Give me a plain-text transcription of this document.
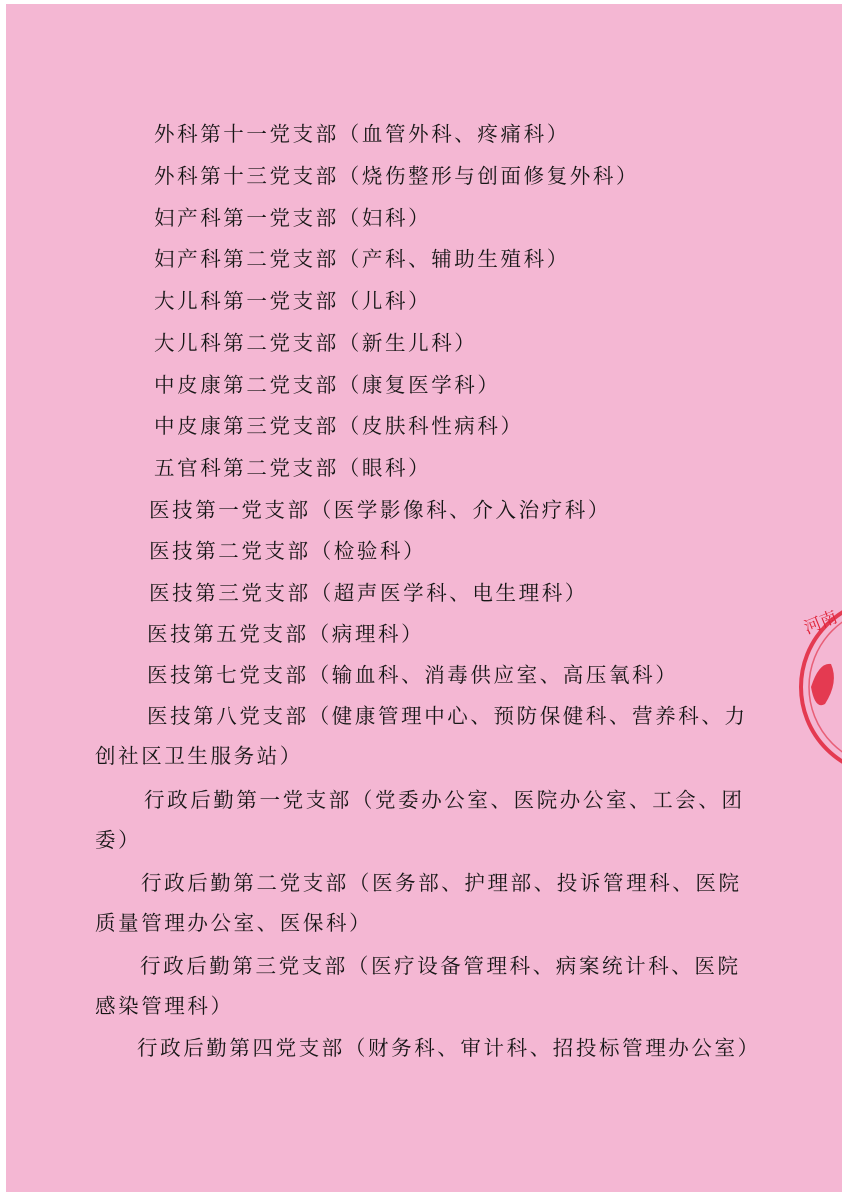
外科第十一党支部（血管外科、疼痛科）

外科第十三党支部（烧伤整形与创面修复外科）

妇产科第一党支部（妇科）

妇产科第二党支部（产科、辅助生殖科）

大儿科第一党支部（儿科）

大儿科第二党支部（新生儿科）

中皮康第二党支部（康复医学科）

中皮康第三党支部（皮肤科性病科）

五官科第二党支部（眼科）

医技第一党支部（医学影像科、介入治疗科）

医技第二党支部（检验科）

医技第三党支部（超声医学科、电生理科）

医技第五党支部（病理科）

医技第七党支部（输血科、消毒供应室、高压氧科）

医技第八党支部（健康管理中心、预防保健科、营养科、力

创社区卫生服务站）

行政后勤第一党支部（党委办公室、医院办公室、工会、团

委）

行政后勤第二党支部（医务部、护理部、投诉管理科、医院

质量管理办公室、医保科）

行政后勤第三党支部（医疗设备管理科、病案统计科、医院

感染管理科）

行政后勤第四党支部（财务科、审计科、招投标管理办公室）

河南
